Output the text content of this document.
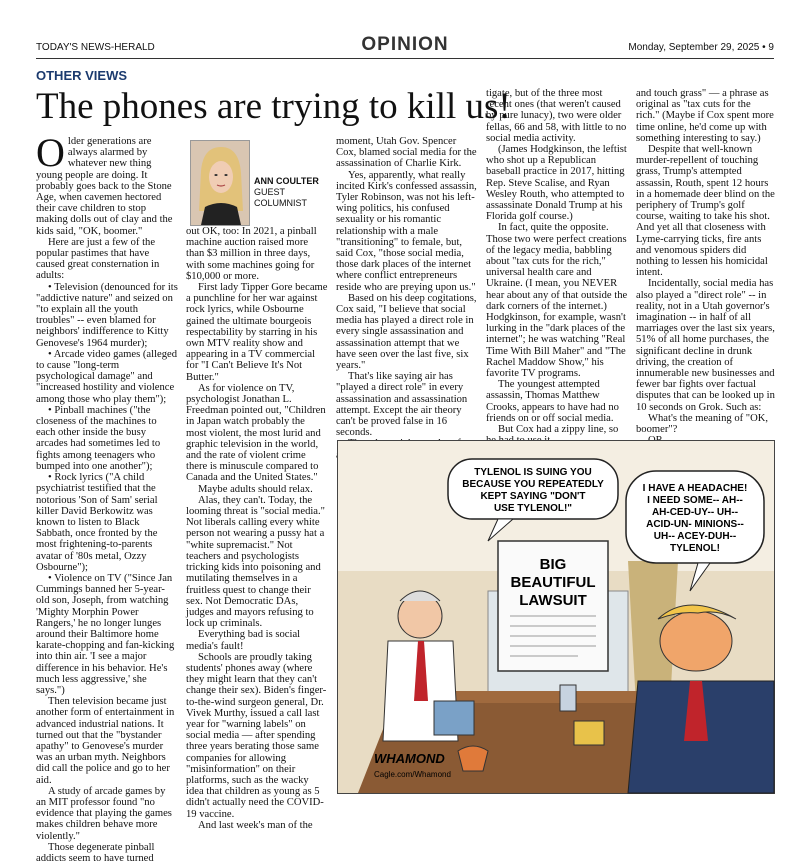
TODAY'S NEWS-HERALD	OPINION	Monday, September 29, 2025 • 9
OTHER VIEWS
The phones are trying to kill us!

Older generations are always alarmed by whatever new thing young people are doing. It probably goes back to the Stone Age, when cavemen hectored their cave children to stop making dolls out of clay and the kids said, "OK, boomer."

Here are just a few of the popular pastimes that have caused great consternation in adults:

• Television (denounced for its "addictive nature" and seized on "to explain all the youth troubles" -- even blamed for neighbors' indifference to Kitty Genovese's 1964 murder);

• Arcade video games (alleged to cause "long-term psychological damage" and "increased hostility and violence among those who play them");

• Pinball machines ("the closeness of the machines to each other inside the busy arcades had sometimes led to fights among teenagers who bumped into one another");

• Rock lyrics ("A child psychiatrist testified that the notorious 'Son of Sam' serial killer David Berkowitz was known to listen to Black Sabbath, once fronted by the most frightening-to-parents avatar of '80s metal, Ozzy Osbourne");

• Violence on TV ("Since Jan Cummings banned her 5-year-old son, Joseph, from watching 'Mighty Morphin Power Rangers,' he no longer lunges around their Baltimore home karate-chopping and fan-kicking into thin air. 'I see a major difference in his behavior. He's much less aggressive,' she says.")

Then television became just another form of entertainment in advanced industrial nations. It turned out that the "bystander apathy" to Genovese's murder was an urban myth. Neighbors did call the police and go to her aid.

A study of arcade games by an MIT professor found "no evidence that playing the games makes children behave more violently."

Those degenerate pinball addicts seem to have turned

ANN COULTER
GUEST
COLUMNIST

out OK, too: In 2021, a pinball machine auction raised more than $3 million in three days, with some machines going for $10,000 or more.

First lady Tipper Gore became a punchline for her war against rock lyrics, while Osbourne gained the ultimate bourgeois respectability by starring in his own MTV reality show and appearing in a TV commercial for "I Can't Believe It's Not Butter."

As for violence on TV, psychologist Jonathan L. Freedman pointed out, "Children in Japan watch probably the most violent, the most lurid and graphic television in the world, and the rate of violent crime there is minuscule compared to Canada and the United States."

Maybe adults should relax.

Alas, they can't. Today, the looming threat is "social media." Not liberals calling every white person not wearing a pussy hat a "white supremacist." Not teachers and psychologists tricking kids into poisoning and mutilating themselves in a fruitless quest to change their sex. Not Democratic DAs, judges and mayors refusing to lock up criminals.

Everything bad is social media's fault!

Schools are proudly taking students' phones away (where they might learn that they can't change their sex). Biden's finger-to-the-wind surgeon general, Dr. Vivek Murthy, issued a call last year for "warning labels" on social media — after spending three years berating those same companies for allowing "misinformation" on their platforms, such as the wacky idea that children as young as 5 didn't actually need the COVID-19 vaccine.

And last week's man of the

moment, Utah Gov. Spencer Cox, blamed social media for the assassination of Charlie Kirk.

Yes, apparently, what really incited Kirk's confessed assassin, Tyler Robinson, was not his left-wing politics, his confused sexuality or his romantic relationship with a male "transitioning" to female, but, said Cox, "those social media, those dark places of the internet where conflict entrepreneurs reside who are preying upon us."

Based on his deep cogitations, Cox said, "I believe that social media has played a direct role in every single assassination and assassination attempt that we have seen over the last five, six years."

That's like saying air has "played a direct role" in every assassination and assassination attempt. Except the air theory can't be proved false in 16 seconds.

tigate, but of the three most recent ones (that weren't caused by pure lunacy), two were older fellas, 66 and 58, with little to no social media activity.

(James Hodgkinson, the leftist who shot up a Republican baseball practice in 2017, hitting Rep. Steve Scalise, and Ryan Wesley Routh, who attempted to assassinate Donald Trump at his Florida golf course.)

In fact, quite the opposite. Those two were perfect creations of the legacy media, babbling about "tax cuts for the rich," universal health care and Ukraine. (I mean, you NEVER hear about any of that outside the dark corners of the internet.) Hodgkinson, for example, wasn't lurking in the "dark places of the internet"; he was watching "Real Time With Bill Maher" and "The Rachel Maddow Show," his favorite TV programs.

The youngest attempted assassin, Thomas Matthew Crooks, appears to have had no friends on or off social media.

But Cox had a zippy line, so

and touch grass" — a phrase as original as "tax cuts for the rich." (Maybe if Cox spent more time online, he'd come up with something interesting to say.)

Despite that well-known murder-repellent of touching grass, Trump's attempted assassin, Routh, spent 12 hours in a homemade deer blind on the periphery of Trump's golf course, waiting to take his shot. And yet all that closeness with Lyme-carrying ticks, fire ants and venomous spiders did nothing to lessen his homicidal intent.

Incidentally, social media has also played a "direct role" -- in reality, not in a Utah governor's imagination -- in half of all marriages over the last six years, 51% of all home purchases, the significant decline in drunk driving, the creation of innumerable new businesses and fewer bar fights over factual disputes that can be looked up in 10 seconds on Grok. Such as:

What's the meaning of "OK, boomer"?

TYLENOL IS SUING YOU
BECAUSE YOU REPEATEDLY
KEPT SAYING "DON'T
USE TYLENOL!"
I HAVE A HEADACHE!
I NEED SOME-- AH--
AH-CED-UY-- UH--
ACID-UN- MINIONS--
UH-- ACEY-DUH--
TYLENOL!
BIG
BEAUTIFUL
LAWSUIT
WHAMOND
Cagle.com/Whamond
